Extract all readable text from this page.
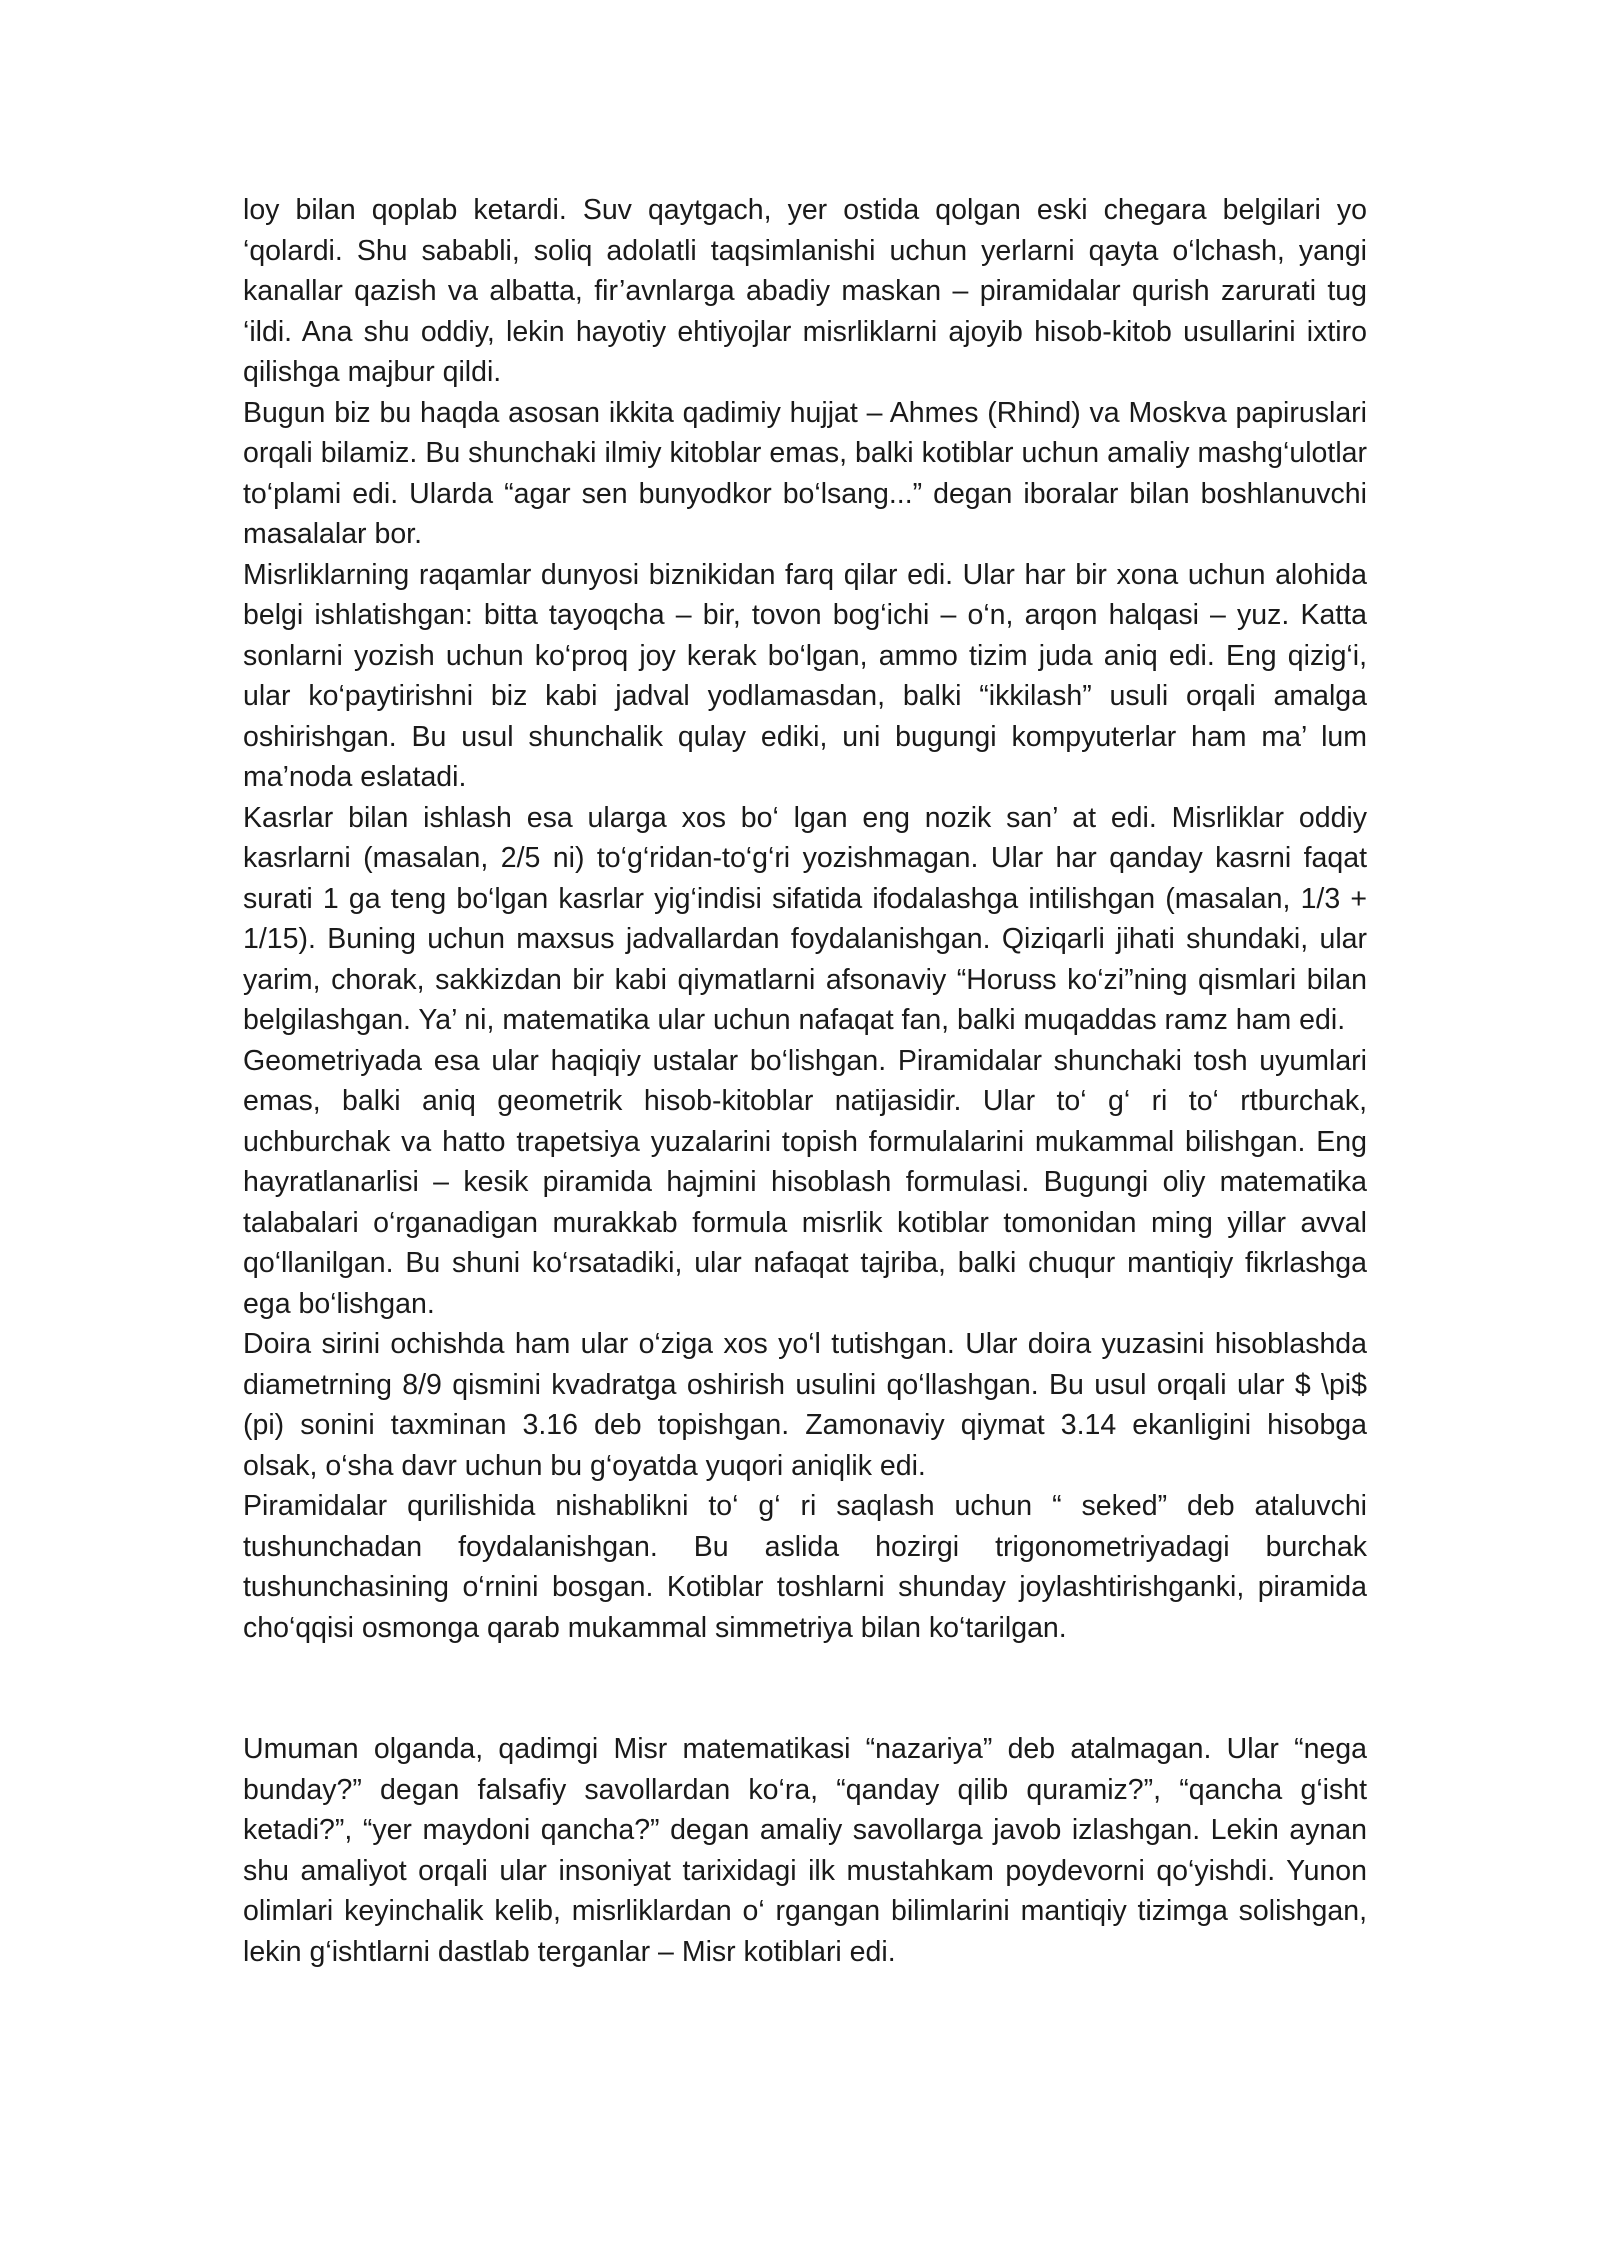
loy bilan qoplab ketardi. Suv qaytgach, yer ostida qolgan eski chegara belgilari yo ‘qolardi. Shu sababli, soliq adolatli taqsimlanishi uchun yerlarni qayta o‘lchash, yangi kanallar qazish va albatta, fir’avnlarga abadiy maskan – piramidalar qurish zarurati tug ‘ildi. Ana shu oddiy, lekin hayotiy ehtiyojlar misrliklarni ajoyib hisob-kitob usullarini ixtiro qilishga majbur qildi.

Bugun biz bu haqda asosan ikkita qadimiy hujjat – Ahmes (Rhind) va Moskva papiruslari orqali bilamiz. Bu shunchaki ilmiy kitoblar emas, balki kotiblar uchun amaliy mashg‘ulotlar to‘plami edi. Ularda “agar sen bunyodkor bo‘lsang...” degan iboralar bilan boshlanuvchi masalalar bor.

Misrliklarning raqamlar dunyosi biznikidan farq qilar edi. Ular har bir xona uchun alohida belgi ishlatishgan: bitta tayoqcha – bir, tovon bog‘ichi – o‘n, arqon halqasi – yuz. Katta sonlarni yozish uchun ko‘proq joy kerak bo‘lgan, ammo tizim juda aniq edi. Eng qizig‘i, ular ko‘paytirishni biz kabi jadval yodlamasdan, balki “ikkilash” usuli orqali amalga oshirishgan. Bu usul shunchalik qulay ediki, uni bugungi kompyuterlar ham ma’ lum ma’noda eslatadi.

Kasrlar bilan ishlash esa ularga xos bo‘ lgan eng nozik san’ at edi. Misrliklar oddiy kasrlarni (masalan, 2/5 ni) to‘g‘ridan-to‘g‘ri yozishmagan. Ular har qanday kasrni faqat surati 1 ga teng bo‘lgan kasrlar yig‘indisi sifatida ifodalashga intilishgan (masalan, 1/3 + 1/15). Buning uchun maxsus jadvallardan foydalanishgan. Qiziqarli jihati shundaki, ular yarim, chorak, sakkizdan bir kabi qiymatlarni afsonaviy “Horuss ko‘zi”ning qismlari bilan belgilashgan. Ya’ ni, matematika ular uchun nafaqat fan, balki muqaddas ramz ham edi.

Geometriyada esa ular haqiqiy ustalar bo‘lishgan. Piramidalar shunchaki tosh uyumlari emas, balki aniq geometrik hisob-kitoblar natijasidir. Ular to‘ g‘ ri to‘ rtburchak, uchburchak va hatto trapetsiya yuzalarini topish formulalarini mukammal bilishgan. Eng hayratlanarlisi – kesik piramida hajmini hisoblash formulasi. Bugungi oliy matematika talabalari o‘rganadigan murakkab formula misrlik kotiblar tomonidan ming yillar avval qo‘llanilgan. Bu shuni ko‘rsatadiki, ular nafaqat tajriba, balki chuqur mantiqiy fikrlashga ega bo‘lishgan.

Doira sirini ochishda ham ular o‘ziga xos yo‘l tutishgan. Ular doira yuzasini hisoblashda diametrning 8/9 qismini kvadratga oshirish usulini qo‘llashgan. Bu usul orqali ular $ \pi$ (pi) sonini taxminan 3.16 deb topishgan. Zamonaviy qiymat 3.14 ekanligini hisobga olsak, o‘sha davr uchun bu g‘oyatda yuqori aniqlik edi.

Piramidalar qurilishida nishablikni to‘ g‘ ri saqlash uchun “ seked” deb ataluvchi tushunchadan foydalanishgan. Bu aslida hozirgi trigonometriyadagi burchak tushunchasining o‘rnini bosgan. Kotiblar toshlarni shunday joylashtirishganki, piramida cho‘qqisi osmonga qarab mukammal simmetriya bilan ko‘tarilgan.

Umuman olganda, qadimgi Misr matematikasi “nazariya” deb atalmagan. Ular “nega bunday?” degan falsafiy savollardan ko‘ra, “qanday qilib quramiz?”, “qancha g‘isht ketadi?”, “yer maydoni qancha?” degan amaliy savollarga javob izlashgan. Lekin aynan shu amaliyot orqali ular insoniyat tarixidagi ilk mustahkam poydevorni qo‘yishdi. Yunon olimlari keyinchalik kelib, misrliklardan o‘ rgangan bilimlarini mantiqiy tizimga solishgan, lekin g‘ishtlarni dastlab terganlar – Misr kotiblari edi.
